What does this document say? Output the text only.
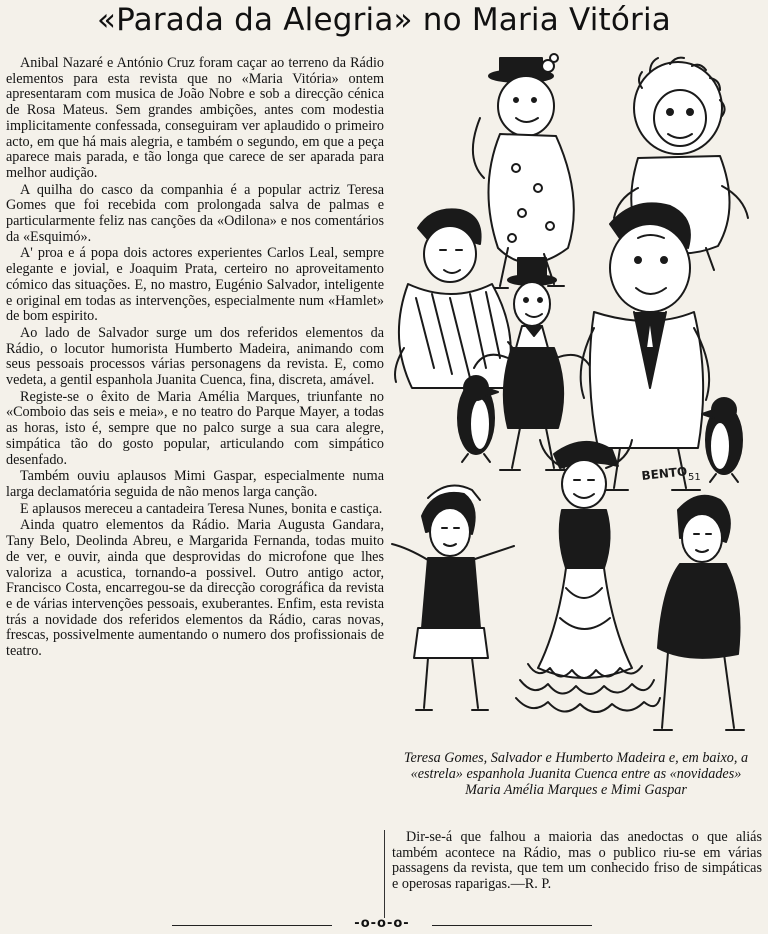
«Parada da Alegria» no Maria Vitória

Anibal Nazaré e António Cruz foram caçar ao terreno da Rádio elementos para esta revista que no «Maria Vitória» ontem apresentaram com musica de João Nobre e sob a direcção cénica de Rosa Mateus. Sem grandes ambições, antes com modestia implicitamente confessada, conseguiram ver aplaudido o primeiro acto, em que há mais alegria, e também o segundo, em que a peça aparece mais parada, e tão longa que carece de ser aparada para melhor audição.

A quilha do casco da companhia é a popular actriz Teresa Gomes que foi recebida com prolongada salva de palmas e particularmente feliz nas canções da «Odilona» e nos comentários da «Esquimó».

A' proa e á popa dois actores experientes Carlos Leal, sempre elegante e jovial, e Joaquim Prata, certeiro no aproveitamento cómico das situações. E, no mastro, Eugénio Salvador, inteligente e original em todas as intervenções, especialmente num «Hamlet» de bom espirito.

Ao lado de Salvador surge um dos referidos elementos da Rádio, o locutor humorista Humberto Madeira, animando com seus pessoais processos várias personagens da revista. E, como vedeta, a gentil espanhola Juanita Cuenca, fina, discreta, amável.

Registe-se o êxito de Maria Amélia Marques, triunfante no «Comboio das seis e meia», e no teatro do Parque Mayer, a todas as horas, isto é, sempre que no palco surge a sua cara alegre, simpática tão do gosto popular, articulando com simpático desenfado.

Também ouviu aplausos Mimi Gaspar, especialmente numa larga declamatória seguida de não menos larga canção.

E aplausos mereceu a cantadeira Teresa Nunes, bonita e castiça.

Ainda quatro elementos da Rádio. Maria Augusta Gandara, Tany Belo, Deolinda Abreu, e Margarida Fernanda, todas muito de ver, e ouvir, ainda que desprovidas do microfone que lhes valoriza a acustica, tornando-a possivel. Outro antigo actor, Francisco Costa, encarregou-se da direcção corográfica da revista e de várias intervenções pessoais, exuberantes. Enfim, esta revista trás a novidade dos referidos elementos da Rádio, caras novas, frescas, possivelmente aumentando o numero dos profissionais de teatro.

BENTO 51
Teresa Gomes, Salvador e Humberto Madeira e, em baixo, a «estrela» espanhola Juanita Cuenca entre as «novidades» Maria Amélia Marques e Mimi Gaspar

Dir-se-á que falhou a maioria das anedoctas o que aliás também acontece na Rádio, mas o publico riu-se em várias passagens da revista, que tem um conhecido friso de simpáticas e operosas raparigas.—R. P.

-o-o-o-
